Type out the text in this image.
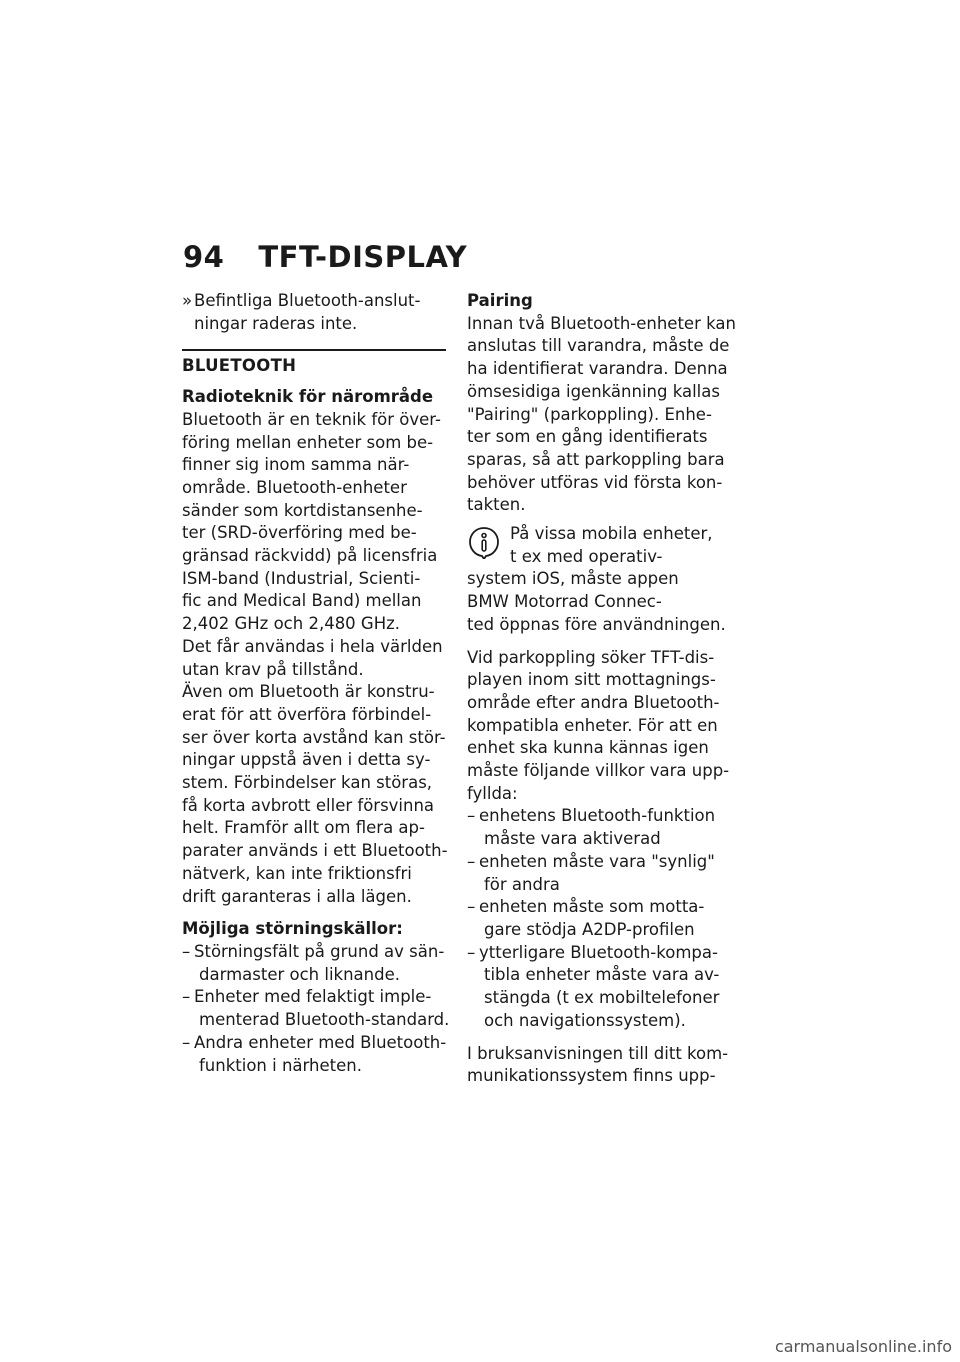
94 TFT-DISPLAY
» Befintliga Bluetooth-anslut-
ningar raderas inte.
BLUETOOTH
Radioteknik för närområde
Bluetooth är en teknik för över-
föring mellan enheter som be-
finner sig inom samma när-
område. Bluetooth-enheter
sänder som kortdistansenhe-
ter (SRD-överföring med be-
gränsad räckvidd) på licensfria
ISM-band (Industrial, Scienti-
fic and Medical Band) mellan
2,402 GHz och 2,480 GHz.
Det får användas i hela världen
utan krav på tillstånd.
Även om Bluetooth är konstru-
erat för att överföra förbindel-
ser över korta avstånd kan stör-
ningar uppstå även i detta sy-
stem. Förbindelser kan störas,
få korta avbrott eller försvinna
helt. Framför allt om flera ap-
parater används i ett Bluetooth-
nätverk, kan inte friktionsfri
drift garanteras i alla lägen.
Möjliga störningskällor:
– Störningsfält på grund av sän-
darmaster och liknande.
– Enheter med felaktigt imple-
menterad Bluetooth-standard.
– Andra enheter med Bluetooth-
funktion i närheten.
Pairing
Innan två Bluetooth-enheter kan
anslutas till varandra, måste de
ha identifierat varandra. Denna
ömsesidiga igenkänning kallas
"Pairing" (parkoppling). Enhe-
ter som en gång identifierats
sparas, så att parkoppling bara
behöver utföras vid första kon-
takten.
På vissa mobila enheter,
t ex med operativ-
system iOS, måste appen
BMW Motorrad Connec-
ted öppnas före användningen.
Vid parkoppling söker TFT-dis-
playen inom sitt mottagnings-
område efter andra Bluetooth-
kompatibla enheter. För att en
enhet ska kunna kännas igen
måste följande villkor vara upp-
fyllda:
– enhetens Bluetooth-funktion
måste vara aktiverad
– enheten måste vara "synlig"
för andra
– enheten måste som motta-
gare stödja A2DP-profilen
– ytterligare Bluetooth-kompa-
tibla enheter måste vara av-
stängda (t ex mobiltelefoner
och navigationssystem).
I bruksanvisningen till ditt kom-
munikationssystem finns upp-
carmanualsonline.info
